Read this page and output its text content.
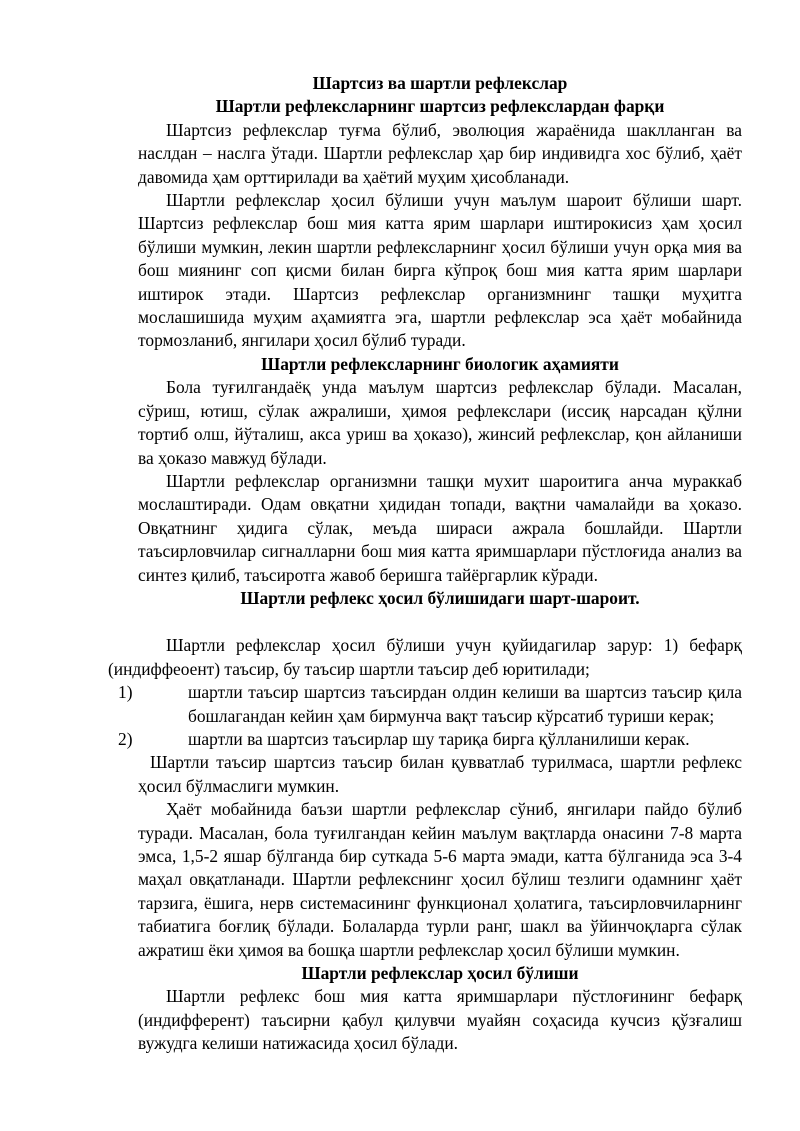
Шартсиз ва шартли рефлекслар

Шартли рефлексларнинг шартсиз рефлекслардан фарқи

Шартсиз рефлекслар туғма бўлиб, эволюция жараёнида шаклланган ва наслдан – наслга ўтади. Шартли рефлекслар ҳар бир индивидга хос бўлиб, ҳаёт давомида ҳам орттирилади ва ҳаётий муҳим ҳисобланади.

Шартли рефлекслар ҳосил бўлиши учун маълум шароит бўлиши шарт. Шартсиз рефлекслар бош мия катта ярим шарлари иштирокисиз ҳам ҳосил бўлиши мумкин, лекин шартли рефлексларнинг ҳосил бўлиши учун орқа мия ва бош миянинг соп қисми билан бирга кўпроқ бош мия катта ярим шарлари иштирок этади. Шартсиз рефлекслар организмнинг ташқи муҳитга мослашишида муҳим аҳамиятга эга, шартли рефлекслар эса ҳаёт мобайнида тормозланиб, янгилари ҳосил бўлиб туради.

Шартли рефлексларнинг биологик аҳамияти

Бола туғилгандаёқ унда маълум шартсиз рефлекслар бўлади. Масалан, сўриш, ютиш, сўлак ажралиши, ҳимоя рефлекслари (иссиқ нарсадан қўлни тортиб олш, йўталиш, акса уриш ва ҳоказо), жинсий рефлекслар, қон айланиши ва ҳоказо мавжуд бўлади.

Шартли рефлекслар организмни ташқи мухит шароитига анча мураккаб мослаштиради. Одам овқатни ҳидидан топади, вақтни чамалайди ва ҳоказо. Овқатнинг ҳидига сўлак, меъда шираси ажрала бошлайди. Шартли таъсирловчилар сигналларни бош мия катта яримшарлари пўстлоғида анализ ва синтез қилиб, таъсиротга жавоб беришга тайёргарлик кўради.

Шартли рефлекс ҳосил бўлишидаги шарт-шароит.

Шартли рефлекслар ҳосил бўлиши учун қуйидагилар зарур: 1) бефарқ (индиффеоент) таъсир, бу таъсир шартли таъсир деб юритилади;

1)	шартли таъсир шартсиз таъсирдан олдин келиши ва шартсиз таъсир қила бошлагандан кейин ҳам бирмунча вақт таъсир кўрсатиб туриши керак;

2)	шартли ва шартсиз таъсирлар шу тариқа бирга қўлланилиши керак.

Шартли таъсир шартсиз таъсир билан қувватлаб турилмаса, шартли рефлекс ҳосил бўлмаслиги мумкин.

Ҳаёт мобайнида баъзи шартли рефлекслар сўниб, янгилари пайдо бўлиб туради. Масалан, бола туғилгандан кейин маълум вақтларда онасини 7-8 марта эмса, 1,5-2 яшар бўлганда бир суткада 5-6 марта эмади, катта бўлганида эса 3-4 маҳал овқатланади. Шартли рефлекснинг ҳосил бўлиш тезлиги одамнинг ҳаёт тарзига, ёшига, нерв системасининг функционал ҳолатига, таъсирловчиларнинг табиатига боғлиқ бўлади. Болаларда турли ранг, шакл ва ўйинчоқларга сўлак ажратиш ёки ҳимоя ва бошқа шартли рефлекслар ҳосил бўлиши мумкин.

Шартли рефлекслар ҳосил бўлиши

Шартли рефлекс бош мия катта яримшарлари пўстлоғининг бефарқ (индифферент) таъсирни қабул қилувчи муайян соҳасида кучсиз қўзғалиш вужудга келиши натижасида ҳосил бўлади.
